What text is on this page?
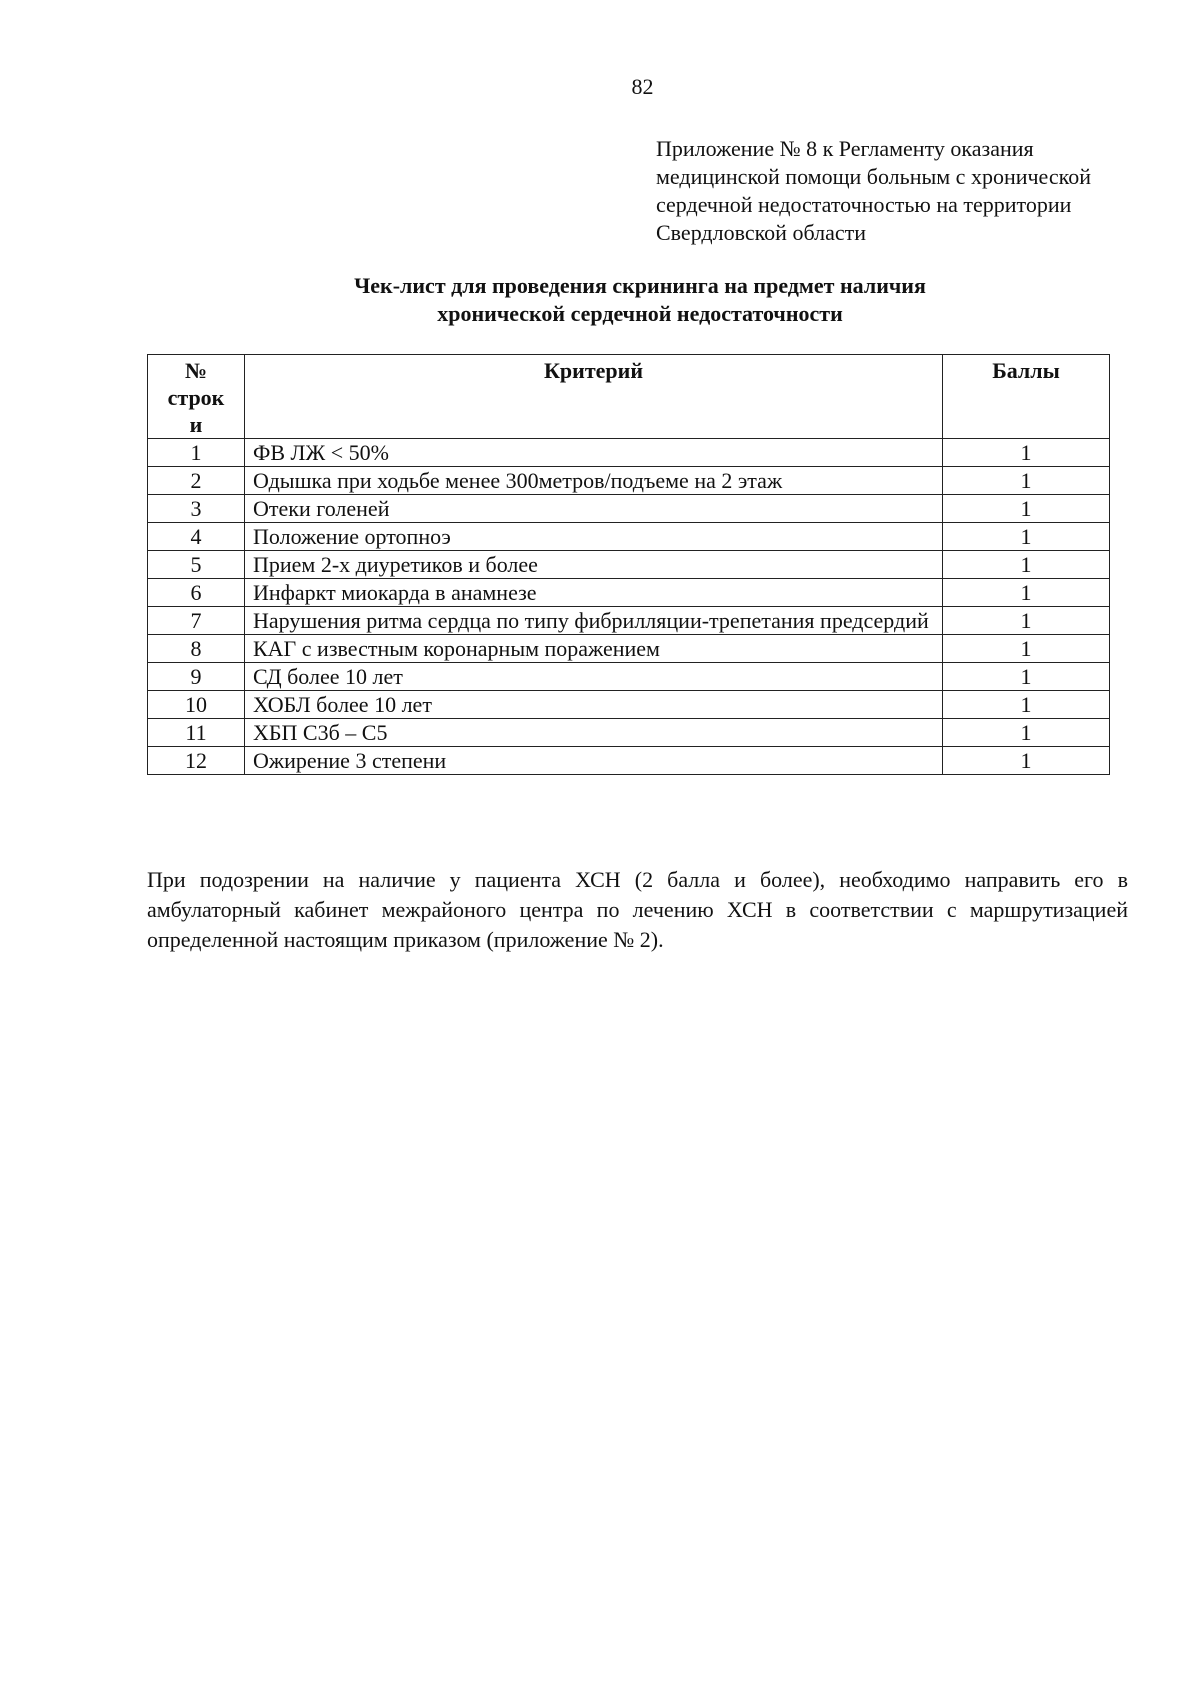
82
Приложение № 8 к Регламенту оказания
медицинской помощи больным с хронической
сердечной недостаточностью на территории
Свердловской области
Чек-лист для проведения скрининга на предмет наличия
хронической сердечной недостаточности
№
строк
и	Критерий	Баллы
1	ФВ ЛЖ < 50%	1
2	Одышка при ходьбе менее 300метров/подъеме на 2 этаж	1
3	Отеки голеней	1
4	Положение ортопноэ	1
5	Прием 2-х диуретиков и более	1
6	Инфаркт миокарда в анамнезе	1
7	Нарушения ритма сердца по типу фибрилляции-трепетания предсердий	1
8	КАГ с известным коронарным поражением	1
9	СД более 10 лет	1
10	ХОБЛ более 10 лет	1
11	ХБП С3б – С5	1
12	Ожирение 3 степени	1
При подозрении на наличие у пациента ХСН (2 балла и более), необходимо направить его в
амбулаторный кабинет межрайоного центра по лечению ХСН в соответствии с маршрутизацией
определенной настоящим приказом (приложение № 2).
